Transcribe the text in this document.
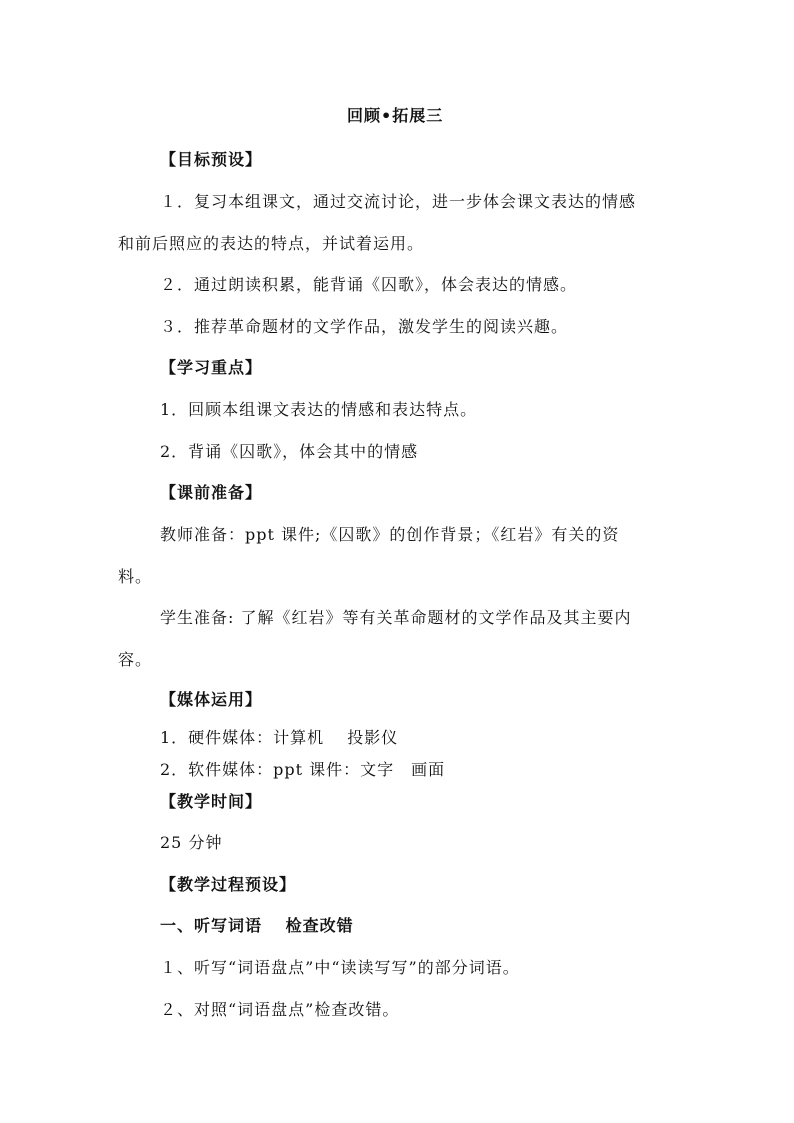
回顾•拓展三
【目标预设】
１．复习本组课文，通过交流讨论，进一步体会课文表达的情感
和前后照应的表达的特点，并试着运用。
２．通过朗读积累，能背诵《囚歌》，体会表达的情感。
３．推荐革命题材的文学作品，激发学生的阅读兴趣。
【学习重点】
1．回顾本组课文表达的情感和表达特点。
2．背诵《囚歌》，体会其中的情感
【课前准备】
教师准备：ppt 课件;《囚歌》的创作背景；《红岩》有关的资
料。
学生准备: 了解《红岩》等有关革命题材的文学作品及其主要内
容。
【媒体运用】
1．硬件媒体：计算机　 投影仪
2．软件媒体：ppt 课件：文字　画面
【教学时间】
25 分钟
【教学过程预设】
一、听写词语　 检查改错
１、听写“词语盘点”中“读读写写”的部分词语。
２、对照“词语盘点”检查改错。
